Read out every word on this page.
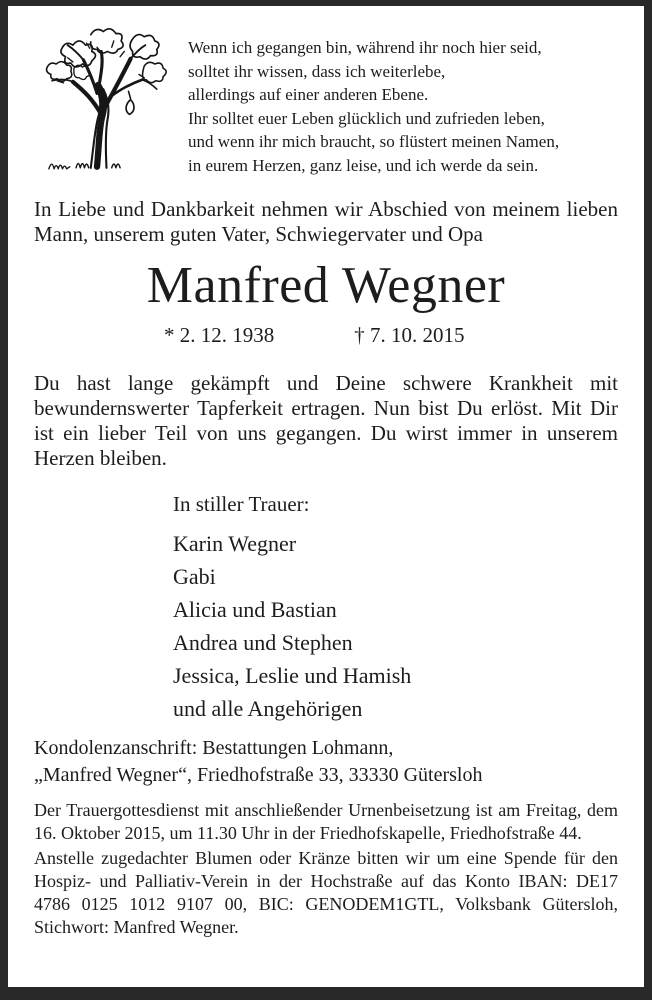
Wenn ich gegangen bin, während ihr noch hier seid,
solltet ihr wissen, dass ich weiterlebe,
allerdings auf einer anderen Ebene.
Ihr solltet euer Leben glücklich und zufrieden leben,
und wenn ihr mich braucht, so flüstert meinen Namen,
in eurem Herzen, ganz leise, und ich werde da sein.
In Liebe und Dankbarkeit nehmen wir Abschied von meinem lieben Mann, unserem guten Vater, Schwiegervater und Opa
Manfred Wegner
* 2. 12. 1938	† 7. 10. 2015
Du hast lange gekämpft und Deine schwere Krankheit mit bewundernswerter Tapferkeit ertragen. Nun bist Du erlöst. Mit Dir ist ein lieber Teil von uns gegangen. Du wirst immer in unserem Herzen bleiben.
In stiller Trauer:
Karin Wegner
Gabi
Alicia und Bastian
Andrea und Stephen
Jessica, Leslie und Hamish
und alle Angehörigen
Kondolenzanschrift: Bestattungen Lohmann,
„Manfred Wegner“, Friedhofstraße 33, 33330 Gütersloh
Der Trauergottesdienst mit anschließender Urnenbeisetzung ist am Freitag, dem 16. Oktober 2015, um 11.30 Uhr in der Friedhofskapelle, Friedhofstraße 44.
Anstelle zugedachter Blumen oder Kränze bitten wir um eine Spende für den Hospiz- und Palliativ-Verein in der Hochstraße auf das Konto IBAN: DE17 4786 0125 1012 9107 00, BIC: GENODEM1GTL, Volksbank Gütersloh, Stichwort: Manfred Wegner.
